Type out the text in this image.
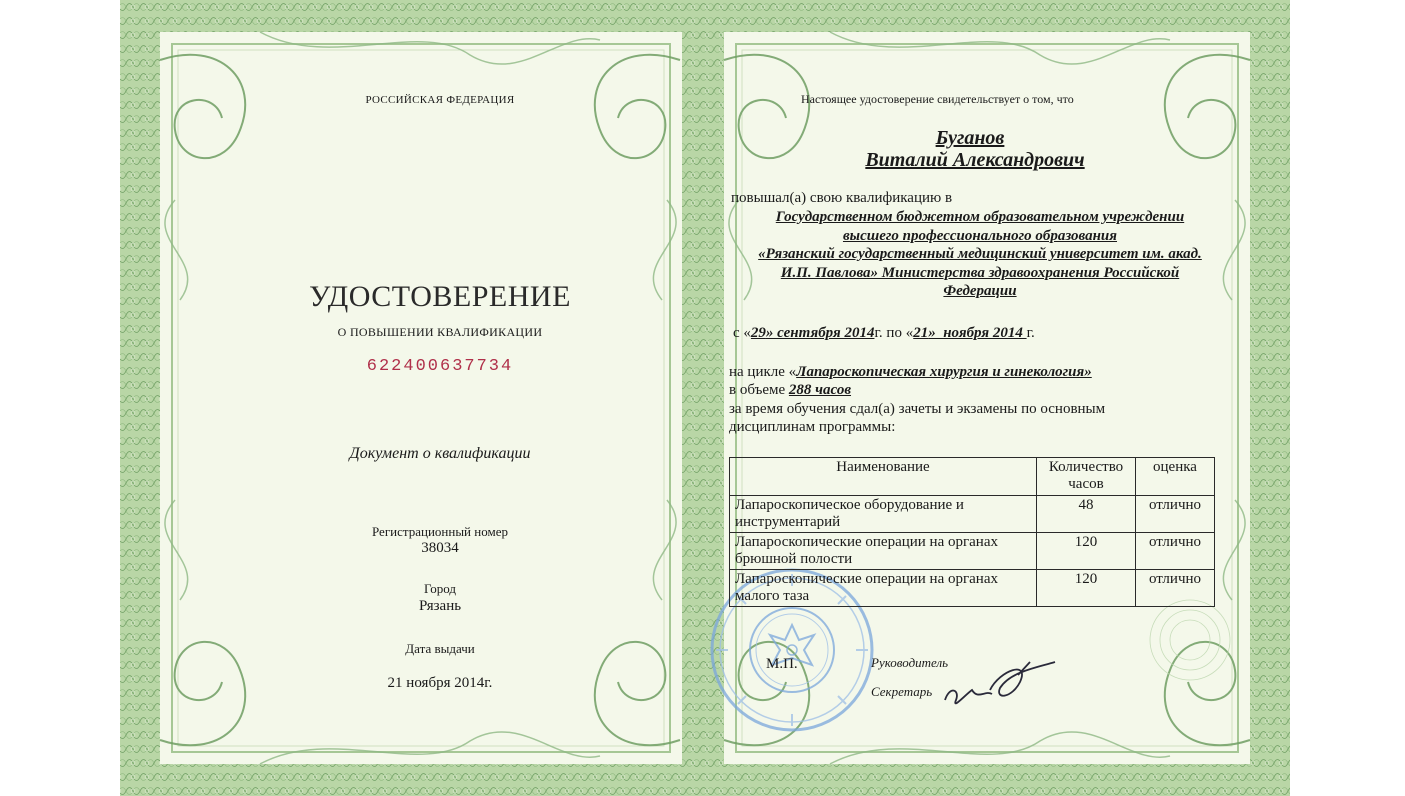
РОССИЙСКАЯ ФЕДЕРАЦИЯ
УДОСТОВЕРЕНИЕ
О ПОВЫШЕНИИ КВАЛИФИКАЦИИ
622400637734
Документ о квалификации
Регистрационный номер
38034
Город
Рязань
Дата выдачи
21 ноября 2014г.
Настоящее удостоверение свидетельствует о том, что
Буганов
Виталий Александрович
повышал(а) свою квалификацию в
Государственном бюджетном образовательном учреждении
высшего профессионального образования
«Рязанский государственный медицинский университет им. акад.
И.П. Павлова» Министерства здравоохранения Российской
Федерации
с «29» сентября 2014г. по «21»  ноября 2014 г.
на цикле «Лапароскопическая хирургия и гинекология»
в объеме 288 часов
за время обучения сдал(а) зачеты и экзамены по основным
дисциплинам программы:
Наименование	Количество часов	оценка
Лапароскопическое оборудование и инструментарий	48	отлично
Лапароскопические операции на органах брюшной полости	120	отлично
Лапароскопические операции на органах малого таза	120	отлично
М.П.	Руководитель
Секретарь
